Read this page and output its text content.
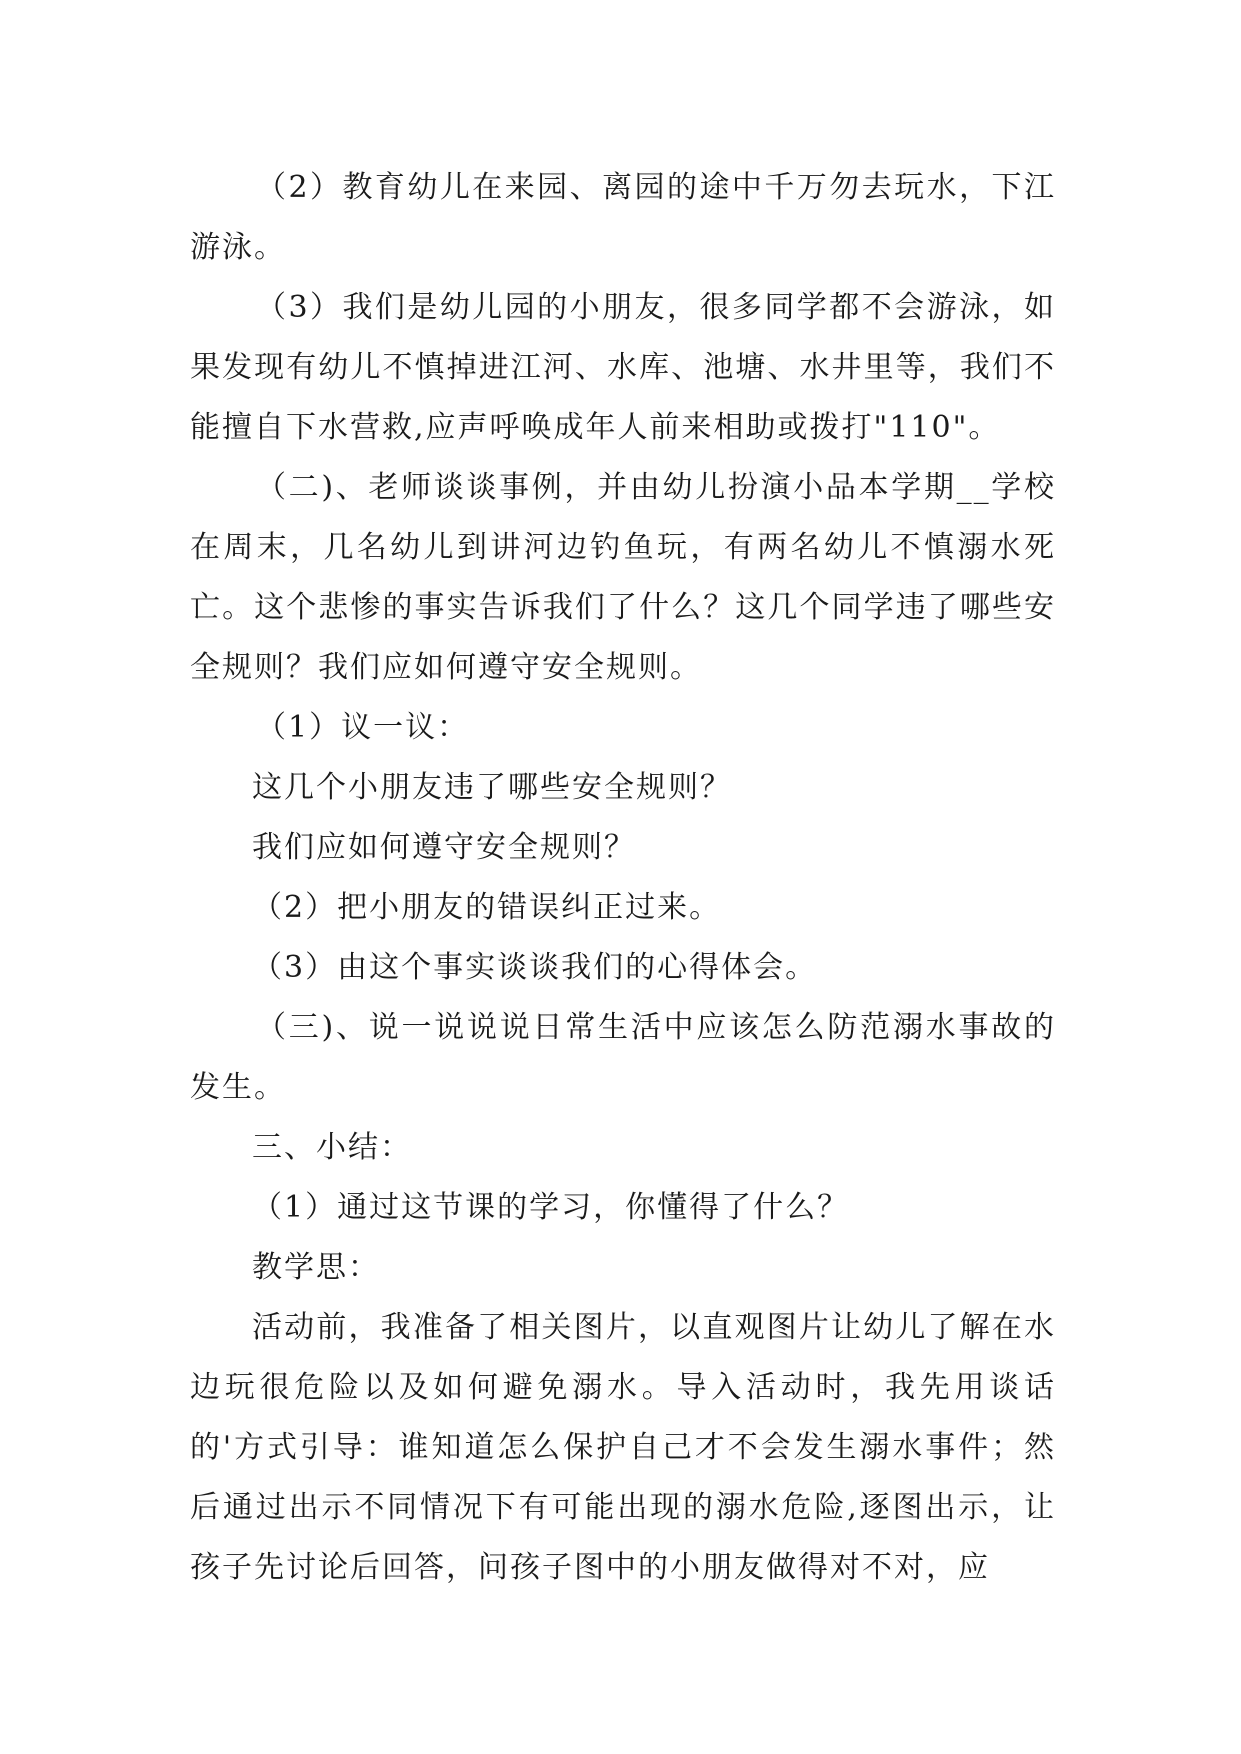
（2）教育幼儿在来园、离园的途中千万勿去玩水，下江游泳。

（3）我们是幼儿园的小朋友，很多同学都不会游泳，如果发现有幼儿不慎掉进江河、水库、池塘、水井里等，我们不能擅自下水营救,应声呼唤成年人前来相助或拨打"110"。

（二)、老师谈谈事例，并由幼儿扮演小品本学期__学校在周末，几名幼儿到讲河边钓鱼玩，有两名幼儿不慎溺水死亡。这个悲惨的事实告诉我们了什么？这几个同学违了哪些安全规则？我们应如何遵守安全规则。

（1）议一议：

这几个小朋友违了哪些安全规则？

我们应如何遵守安全规则？

（2）把小朋友的错误纠正过来。

（3）由这个事实谈谈我们的心得体会。

（三)、说一说说说日常生活中应该怎么防范溺水事故的发生。

三、小结：

（1）通过这节课的学习，你懂得了什么？

教学思：

活动前，我准备了相关图片，以直观图片让幼儿了解在水边玩很危险以及如何避免溺水。导入活动时，我先用谈话的'方式引导：谁知道怎么保护自己才不会发生溺水事件；然后通过出示不同情况下有可能出现的溺水危险,逐图出示，让孩子先讨论后回答，问孩子图中的小朋友做得对不对，应
